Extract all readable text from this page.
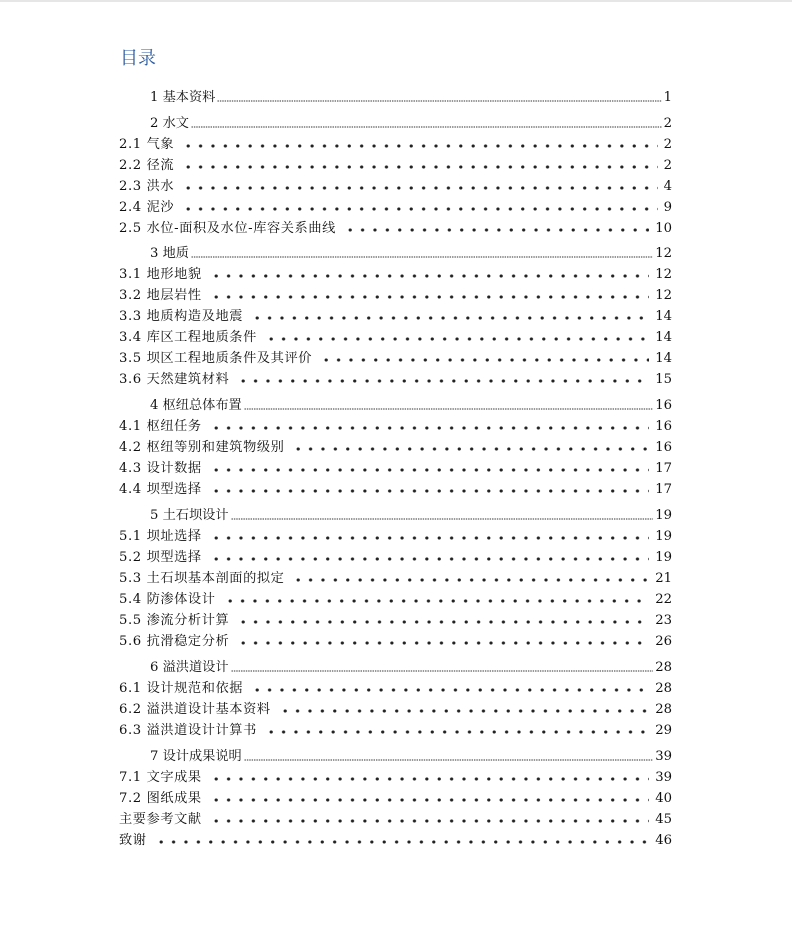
目录
1 基本资料	1
2 水文	2
2.1 气象	2
2.2 径流	2
2.3 洪水	4
2.4 泥沙	9
2.5 水位-面积及水位-库容关系曲线	10
3 地质	12
3.1 地形地貌	12
3.2 地层岩性	12
3.3 地质构造及地震	14
3.4 库区工程地质条件	14
3.5 坝区工程地质条件及其评价	14
3.6 天然建筑材料	15
4 枢纽总体布置	16
4.1 枢纽任务	16
4.2 枢纽等别和建筑物级别	16
4.3 设计数据	17
4.4 坝型选择	17
5 土石坝设计	19
5.1 坝址选择	19
5.2 坝型选择	19
5.3 土石坝基本剖面的拟定	21
5.4 防渗体设计	22
5.5 渗流分析计算	23
5.6 抗滑稳定分析	26
6 溢洪道设计	28
6.1 设计规范和依据	28
6.2 溢洪道设计基本资料	28
6.3 溢洪道设计计算书	29
7 设计成果说明	39
7.1 文字成果	39
7.2 图纸成果	40
主要参考文献	45
致谢	46
